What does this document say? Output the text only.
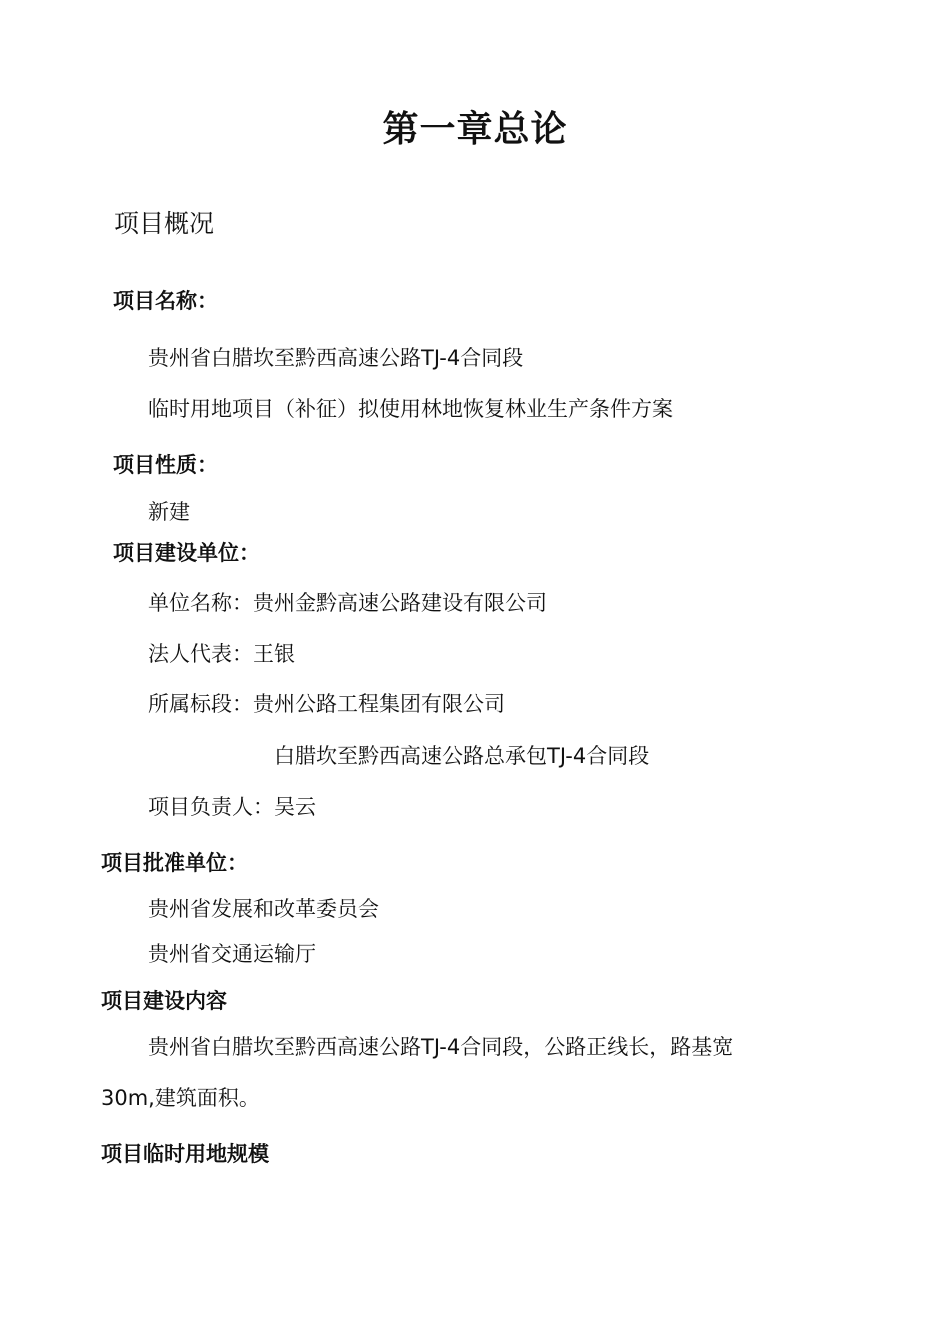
第一章总论
项目概况
项目名称：
贵州省白腊坎至黔西高速公路TJ-4合同段
临时用地项目（补征）拟使用林地恢复林业生产条件方案
项目性质：
新建
项目建设单位：
单位名称：贵州金黔高速公路建设有限公司
法人代表：王银
所属标段：贵州公路工程集团有限公司
白腊坎至黔西高速公路总承包TJ-4合同段
项目负责人：吴云
项目批准单位：
贵州省发展和改革委员会
贵州省交通运输厅
项目建设内容
贵州省白腊坎至黔西高速公路TJ-4合同段，公路正线长，路基宽
30m,建筑面积。
项目临时用地规模
